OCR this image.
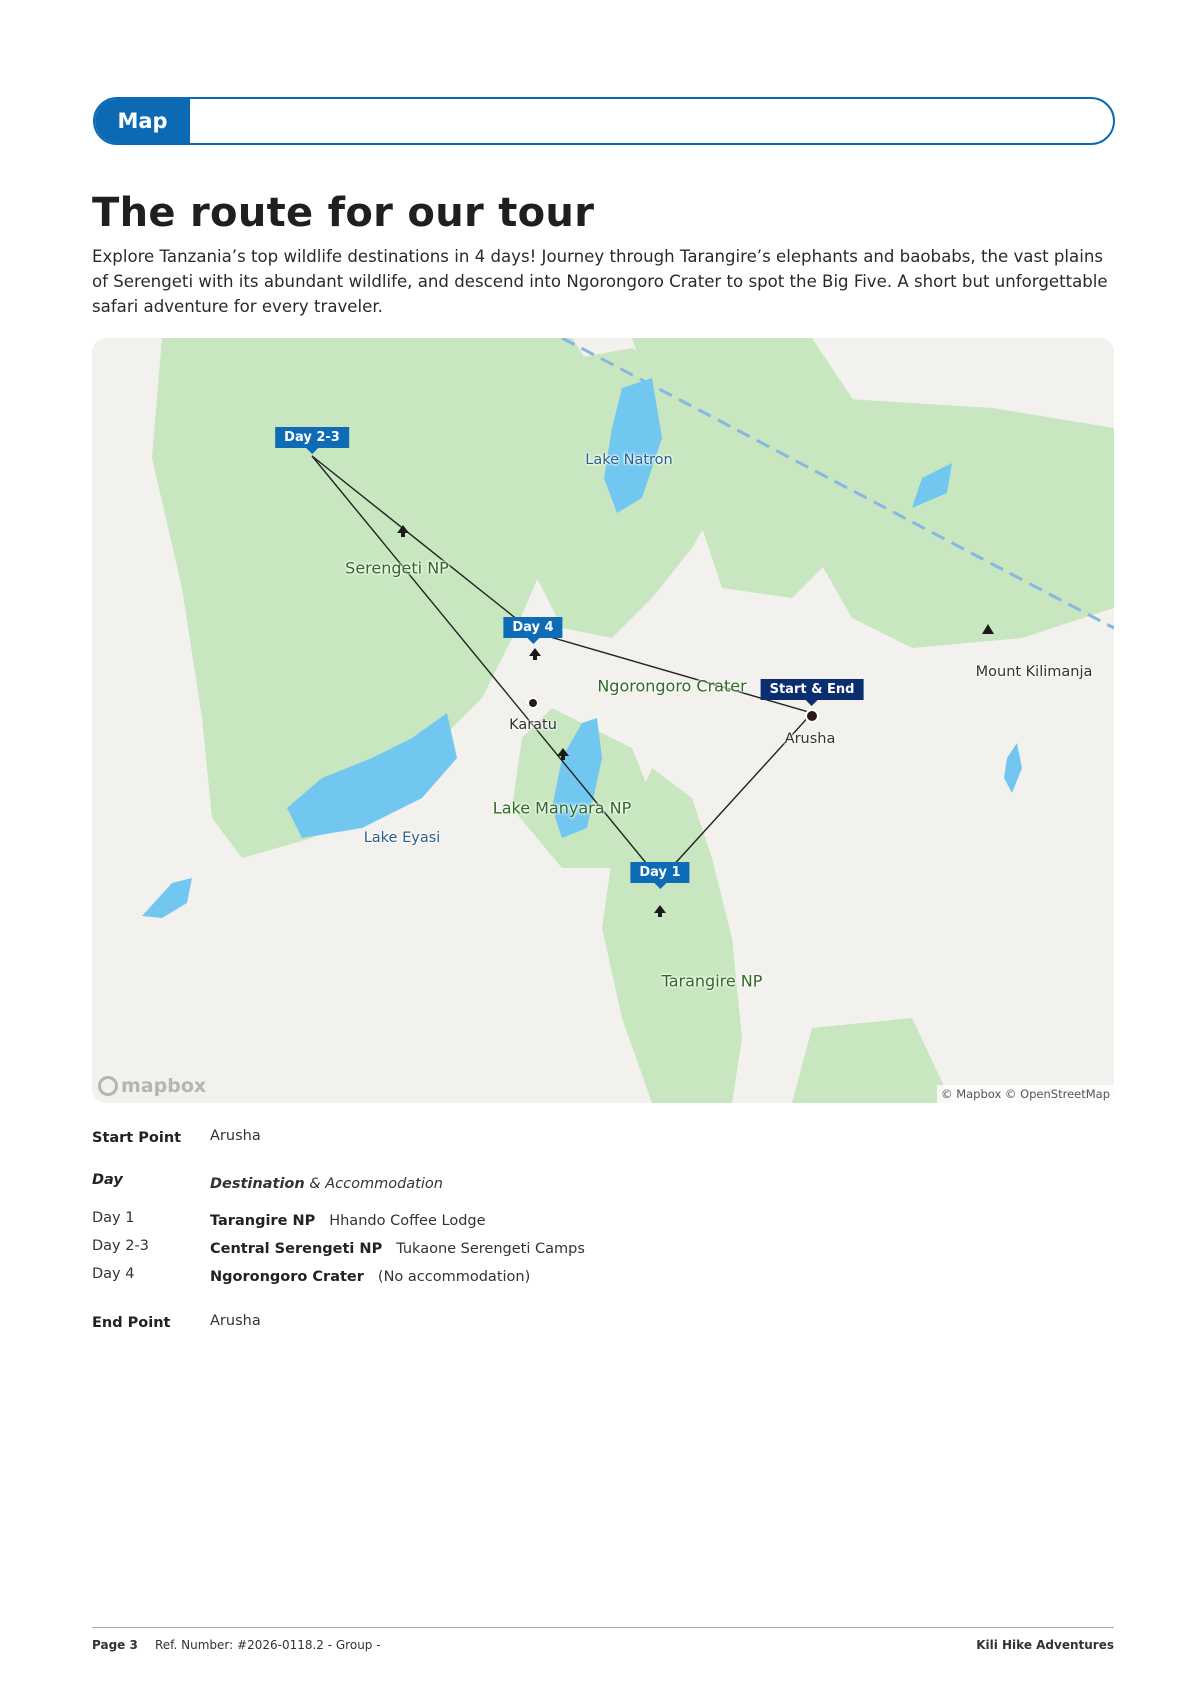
Map
The route for our tour

Explore Tanzania’s top wildlife destinations in 4 days! Journey through Tarangire’s elephants and baobabs, the vast plains of Serengeti with its abundant wildlife, and descend into Ngorongoro Crater to spot the Big Five. A short but unforgettable safari adventure for every traveler.

Day 2-3
Day 4
Start & End
Day 1
Serengeti NP
Ngorongoro Crater
Lake Manyara NP
Tarangire NP
Lake Natron
Lake Eyasi
Karatu
Arusha
Mount Kilimanja
mapbox	© Mapbox © OpenStreetMap
Start Point Arusha
Day	Destination & Accommodation
Day 1	Tarangire NP Hhando Coffee Lodge
Day 2-3	Central Serengeti NP Tukaone Serengeti Camps
Day 4	Ngorongoro Crater (No accommodation)
End Point	Arusha
Page 3 Ref. Number: #2026-0118.2 - Group -	Kili Hike Adventures
